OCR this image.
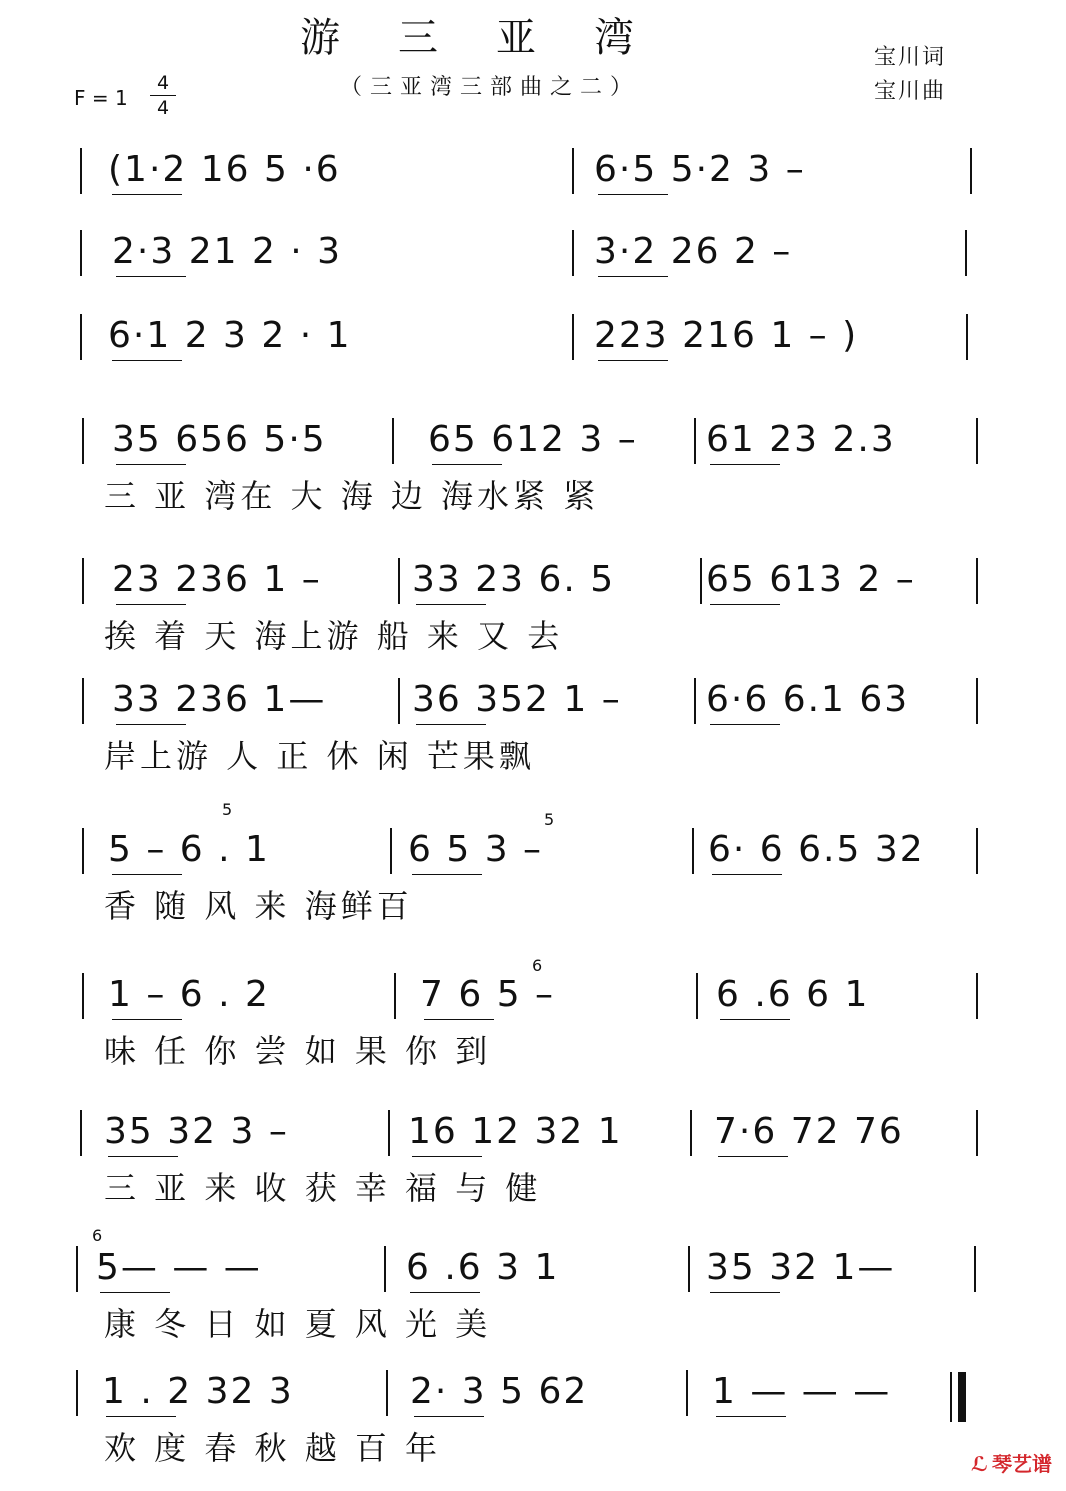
游三亚湾
（三亚湾三部曲之二）
宝川词
宝川曲
F = 1
4
4
(1·2 16 5 ·6	6·5 5·2 3 –
2·3 21 2 · 3	3·2 26 2 –
6·1 2 3 2 · 1	223 216 1 – )
35 656 5·5	65 612 3 – 61 23 2.3
三 亚 湾在 大 海 边 海水紧 紧
23 236 1 –	33 23 6. 5	65 613 2 –
挨 着 天 海上游 船 来 又 去
33 236 1— 36 352 1 – 6·6 6.1 63
岸上游 人 正 休 闲 芒果飘
5 – 6 . 1	6 5 3 –	6· 6 6.5 32
香 随 风 来 海鲜百
1 – 6 . 2	7 6 5 –	6 .6 6 1
味 任 你 尝 如 果 你 到
35 32 3 –	16 12 32 1	7·6 72 76
三 亚 来 收 获 幸 福 与 健
5— — —	6 .6 3 1	35 32 1—
康 冬 日 如 夏 风 光 美
1 . 2 32 3	2· 3 5 62	1 — — —
欢 度 春 秋 越 百 年	ℒ 琴艺谱
5
5
6
6
